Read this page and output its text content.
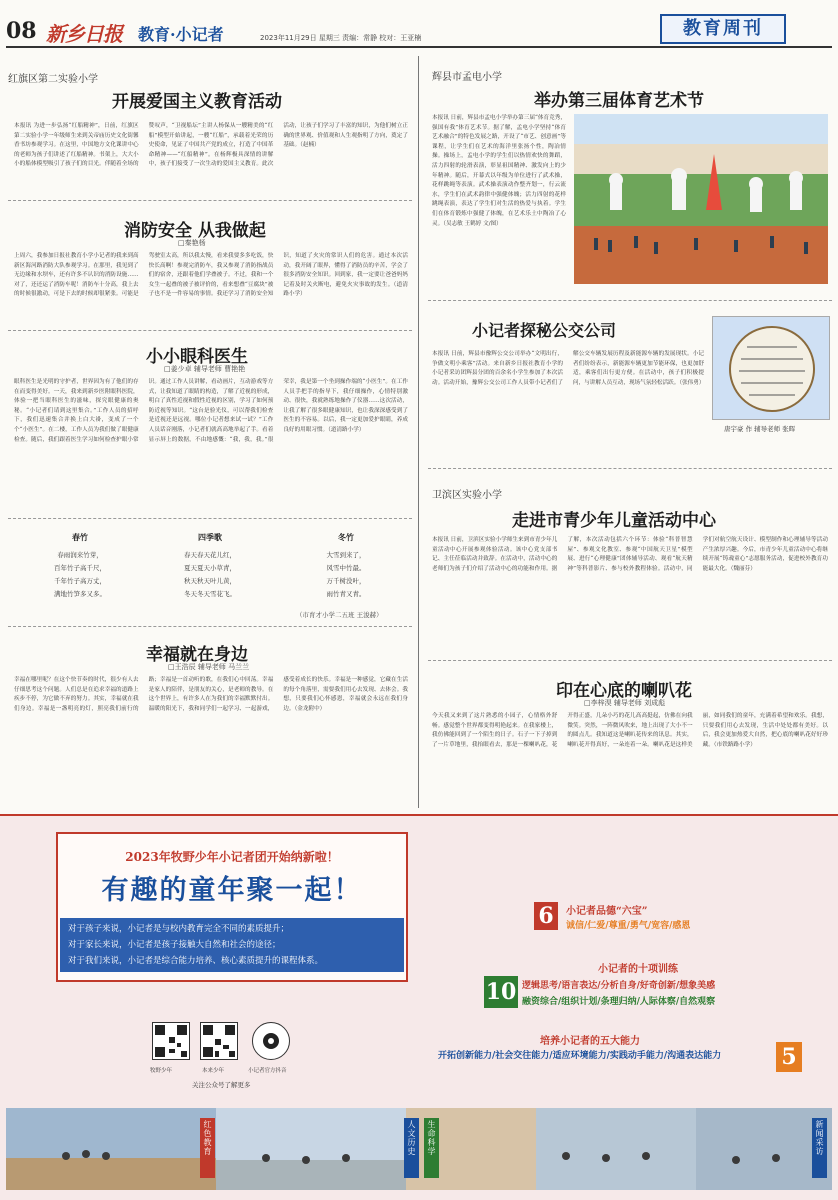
08 新乡日报 教育·小记者	2023年11月29日 星期三 责编：常静 校对：王亚楠	教育周刊
红旗区第二实验小学
开展爱国主义教育活动
本报讯 为进一步弘扬“红船精神”，日前，红旗区第二实验小学一年级师生来到关帝庙历史文化街馨香书坊参观学习。在这里，中国地方文化课讲中心的老师为孩子们讲述了红船精神。书架上，大大小小的船体模型吸引了孩子们的目光。伴随着全场的赞叹声，“卫视船坛”主讲人杨保从一艘精美的“红船”模型开始讲起，一艘“红船”，承载着光荣的历史使命，见证了中国共产党的成立，打造了中国革命精神——“红船精神”。在杨辉极具深情的讲解中，孩子们接受了一次生动的爱国主义教育。此次活动，让孩子们学习了丰富的知识，为他们树立正确的世界观、价值观和人生观指明了方向，奠定了基础。（赵楠）
消防安全 从我做起
□秦艳杨
上周六，我参加日报社教育小学小记者的我来到高新区海河路消防大队参观学习。在那里，我见到了无边缘和水坝车，还有许多不认识的消防设施……对了，还还运了消防车呢！消防车十分高，我上去的时候很激动，可是下去的时候却很紧张。可能是驾驶室太高，所以我太慢，看来我要多多吃饭，快快长高啊！参观完消防车，我又参观了消防指战员们的宿舍，还跟着他们学叠被子。不过，我和一个女生一起叠的被子被评价的，看来想叠“豆腐块”被子也不是一件容易的事情。我还学习了消防安全知识，知道了火灾的常识人们的危害。通过本次活动，我开阔了眼界，懂得了消防员的辛苦，学会了很多消防安全知识。回到家，我一定要让爸爸妈妈记着及时关火断电，避免火灾事故的发生。（道清路小学）
小小眼科医生
□姜少卓 辅导老师 曹艳艳
眼科医生是光明的守护者，世界因为有了他们的存在而变得美好。一天，我来到新乡医附眼科医院，体验一把当眼科医生的滋味，探究眼健康的奥秘。“小记者们请到这里集合。”工作人员的招呼下，我们迅速集合并换上白大褂，变成了一个个“小医生”。在二楼，工作人员为我们做了眼健康检查。随后，我们跟着医生学习如何检查护眼小常识。通过工作人员讲解，看动画片，互动游戏等方式，让我知道了眼睛的构造，了解了近视的形成，明白了真性近视和假性近视的区别，学习了如何预防近视等知识。“这台是验光仪，可以帮我们检查是近视还是远视。哪位小记者想来试一试？”工作人员话音刚落，小记者们就高高地举起了手。看着显示屏上的数据，不由地感慨：“我，我，我。”很荣幸，我是第一个坐到操作端的“小医生”。在工作人员手把手的指导下，我仔细操作，心情特别激动、很快，我就熟练地操作了仪器……这次活动，让我了解了很多眼健康知识，也让我深深感受到了医生的不容易。以后，我一定更加爱护眼睛，养成良好的用眼习惯。（道清路小学）
春竹
春雨润来竹芽，
百年竹子高千尺，
千年竹子高万丈，
满地竹笋多又多。
四季歌
春天春天花儿红，
夏天夏天小草青，
秋天秋天叶儿黄，
冬天冬天雪花飞。
冬竹
大雪到来了，
风雪中竹最。
万千树没叶，
雨竹青又青。
（市育才小学二五班 王浚赫）
幸福就在身边
□王浩辰 辅导老师 马兰兰
幸福在哪里呢？在这个快节奏的时代，很少有人去仔细思考这个问题。人们总是在追求幸福的道路上疾步不停，为它做不弃的努力。其实，幸福就在我们身边。幸福是一盏明亮的灯，照亮我们前行的路；幸福是一首动听的歌，在我们心中回荡。幸福是家人的陪伴，是朋友的关心，是老师的教导。在这个世界上，有许多人在为我们的幸福默默付出。温暖的阳光下，我和同学们一起学习、一起游戏，感受着成长的快乐。幸福是一种感觉，它藏在生活的每个角落里，需要我们用心去发现、去体会。我想，只要我们心怀感恩，幸福就会永远在我们身边。（金龙附中）
辉县市孟电小学
举办第三届体育艺术节
本报讯 日前，辉县市孟电小学举办第三届“体育竞秀，强国有我”体育艺术节。据了解，孟电小学坚持“体育艺术融合”的特色发展之路，开设了“市艺、创意画”等课程，让学生们在艺术的海洋里张扬个性，陶冶情操。操场上，孟电小学的学生们以热情欢快的舞蹈，活力四射的轮滑表演，彰显祖国精神、激发向上的少年精神。随后，开幕式以年级为单位进行了武术操，花样跳绳等表演。武术操表演动作整齐划一，行云流水，学生们在武术韵律中强健体魄；活力四射的花样跳绳表演，表达了学生们对生活的热爱与执着。学生们在体育锻炼中强健了体魄，在艺术乐土中陶冶了心灵。（吴志敏 王鹤婷 文/图）
小记者探秘公交公司
本报讯 日前，辉县市豫辉公交公司举办“文明出行，争做文明小乘客”活动。来自新乡日报社教育小学的小记者采访团辉县分团的百余名小学生参加了本次活动。活动开始，豫辉公交公司工作人员带小记者们了解公交车辆发展历程及新能源车辆的发展现状。小记者们纷纷表示，新能源车辆更加节能环保，也更加舒适，乘客们出行更方便。在活动中，孩子们积极提问，与讲解人员互动，现场气氛轻松活跃。（张伟勇）
唐宇豪 作 辅导老师 张晖
卫滨区实验小学
走进市青少年儿童活动中心
本报讯 日前，卫滨区实验小学师生来到市青少年儿童活动中心开展参观体验活动。该中心党支部书记、主任莅临活动并致辞。在活动中，活动中心的老师们为孩子们介绍了活动中心的功能和作用。据了解，本次活动包括六个环节：体验“科普智慧屋”、参观文化教室、参观“中国航天卫星”模型展、进行“心理健康”团体辅导活动、观看“航天精神”等科普影片、参与校外教程体验。活动中，同学们对航空航天设计、模型制作和心理辅导等活动产生浓厚兴趣。今后，市青少年儿童活动中心将继续开展“铸魂童心”志愿服务活动，促进校外教育功能最大化。（魏丽芬）
印在心底的喇叭花
□李梓淏 辅导老师 刘成彪
今天我又来到了这片熟悉的小园子，心情格外舒畅。感觉整个世界都变得明艳起来。在我家楼上，我仿佛能回到了一个陌生的日子。石子一下子掉到了一片草地里，我抬眼看去，那是一棵喇叭花，花开得正盛，几朵小巧的花儿高高挺起，仿佛在向我微笑。突然，一阵微风吹来，地上出现了大小不一的圆点儿。我知道这是喇叭花传来的讯息。其实，喇叭花开得真好，一朵连着一朵。喇叭花是这样美丽，如同我们的童年，充满着希望和欢乐。我想，只要我们用心去发现，生活中处处都有美好。以后，我会更加热爱大自然，把心底的喇叭花好好珍藏。（市铁路路小学）
2023年牧野少年小记者团开始纳新啦！
有趣的童年聚一起！
对于孩子来说，小记者是与校内教育完全不同的素质提升；
对于家长来说，小记者是孩子接触大自然和社会的途径；
对于我们来说，小记者是综合能力培养、核心素质提升的课程体系。
牧野少年	本来少年	小记者官方抖音
关注公众号了解更多
6	小记者品德“六宝”
诚信/仁爱/尊重/勇气/宽容/感恩
小记者的十项训练
10 逻辑思考/语言表达/分析自身/好奇创新/想象美感
融资综合/组织计划/条理归纳/人际体察/自然观察
培养小记者的五大能力
开拓创新能力/社会交往能力/适应环境能力/实践动手能力/沟通表达能力	5
红色教育	人文历史	生命科学	新闻采访
